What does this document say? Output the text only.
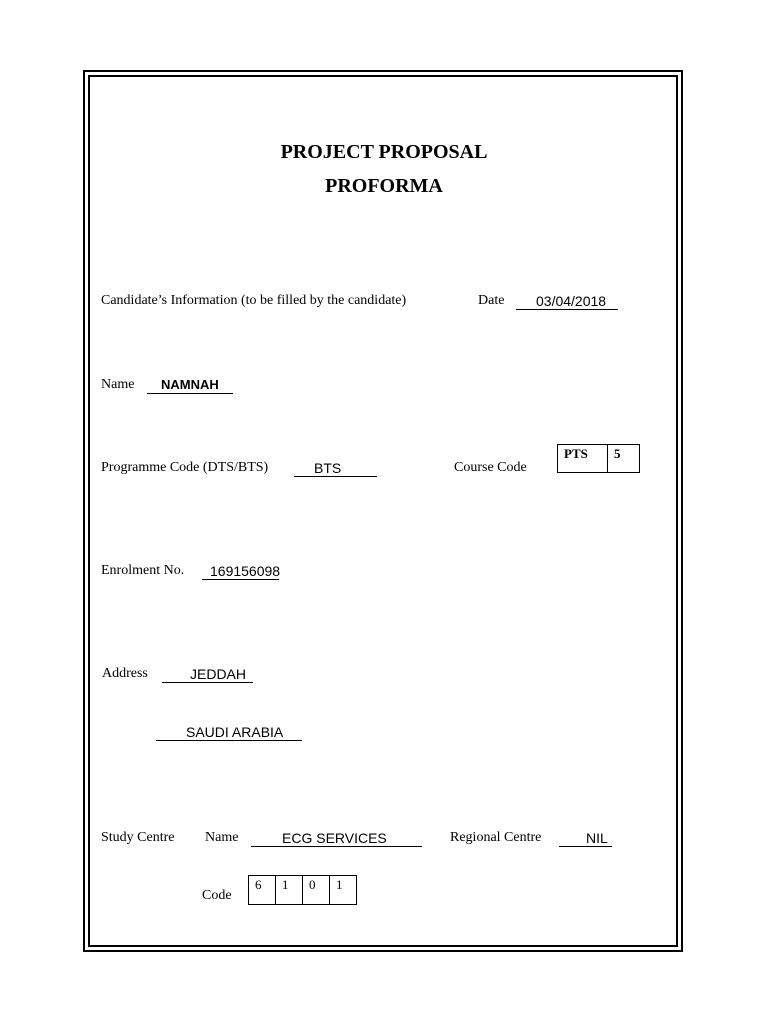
PROJECT PROPOSAL
PROFORMA
Candidate’s Information (to be filled by the candidate)	Date	03/04/2018
Name	NAMNAH
Programme Code (DTS/BTS)	BTS	Course Code
PTS	5
Enrolment No.	169156098
Address	JEDDAH
SAUDI ARABIA
Study Centre Name	ECG SERVICES	Regional Centre	NIL
Code
6	1	0	1
